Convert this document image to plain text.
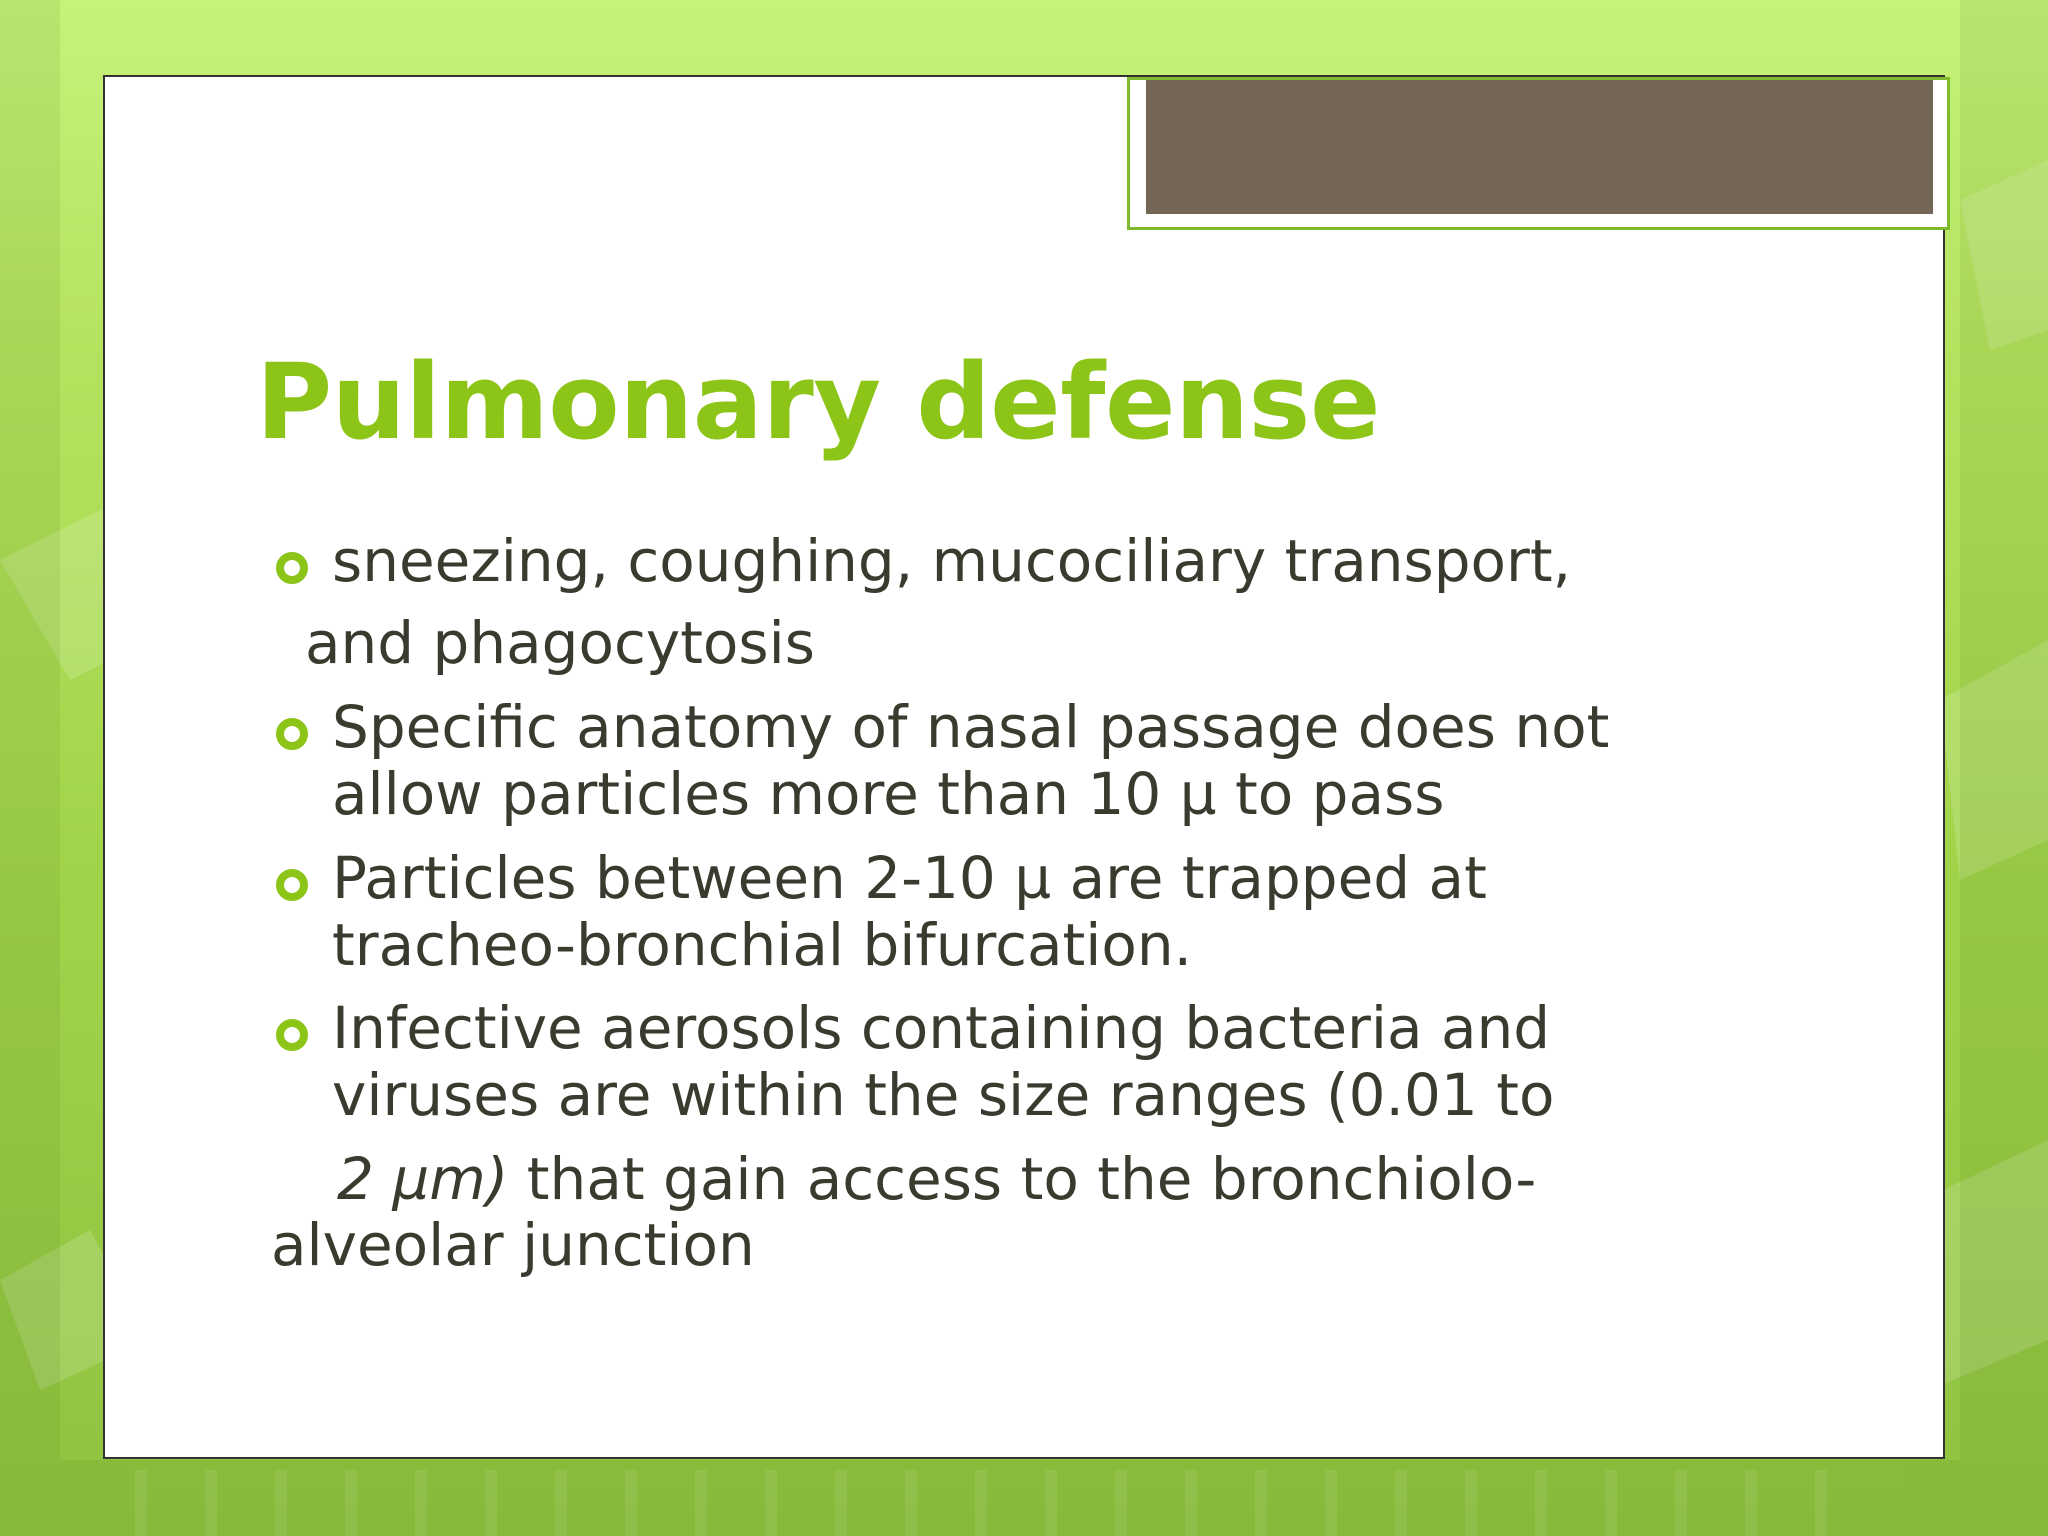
Pulmonary defense

sneezing, coughing, mucociliary transport,

and phagocytosis

Specific anatomy of nasal passage does not

allow particles more than 10 µ to pass

Particles between 2-10 µ are trapped at

tracheo-bronchial bifurcation.

Infective aerosols containing bacteria and

viruses are within the size ranges (0.01 to

2 µm) that gain access to the bronchiolo-

alveolar junction
